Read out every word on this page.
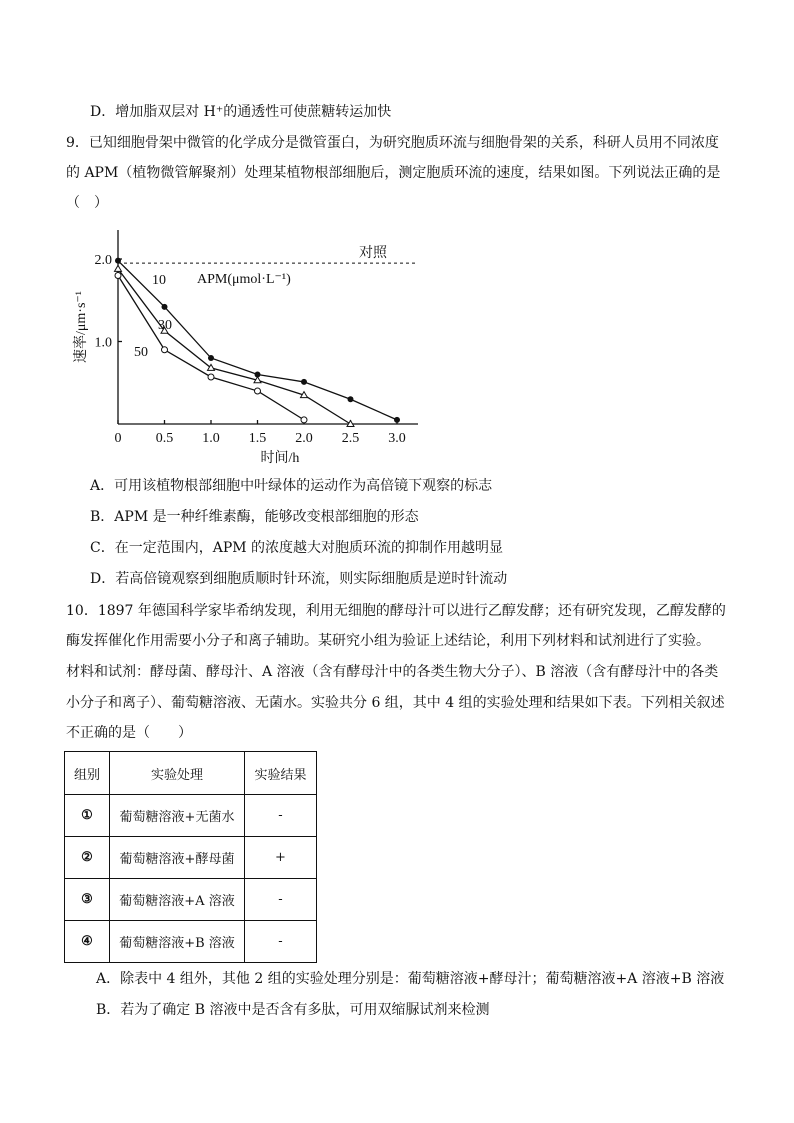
D．增加脂双层对 H⁺的通透性可使蔗糖转运加快
9．已知细胞骨架中微管的化学成分是微管蛋白，为研究胞质环流与细胞骨架的关系，科研人员用不同浓度
的 APM（植物微管解聚剂）处理某植物根部细胞后，测定胞质环流的速度，结果如图。下列说法正确的是
（　）
0 0.5 1.0 1.5 2.0 2.5 3.0
1.0
2.0
10
30
50
对照
APM(μmol·L⁻¹)
时间/h
速率/μm·s⁻¹
A．可用该植物根部细胞中叶绿体的运动作为高倍镜下观察的标志
B．APM 是一种纤维素酶，能够改变根部细胞的形态
C．在一定范围内，APM 的浓度越大对胞质环流的抑制作用越明显
D．若高倍镜观察到细胞质顺时针环流，则实际细胞质是逆时针流动
10．1897 年德国科学家毕希纳发现，利用无细胞的酵母汁可以进行乙醇发酵；还有研究发现，乙醇发酵的
酶发挥催化作用需要小分子和离子辅助。某研究小组为验证上述结论，利用下列材料和试剂进行了实验。
材料和试剂：酵母菌、酵母汁、A 溶液（含有酵母汁中的各类生物大分子）、B 溶液（含有酵母汁中的各类
小分子和离子）、葡萄糖溶液、无菌水。实验共分 6 组，其中 4 组的实验处理和结果如下表。下列相关叙述
不正确的是（　　）
组别	实验处理	实验结果
①	葡萄糖溶液+无菌水	-
②	葡萄糖溶液+酵母菌	+
③	葡萄糖溶液+A 溶液	-
④	葡萄糖溶液+B 溶液	-
A．除表中 4 组外，其他 2 组的实验处理分别是：葡萄糖溶液+酵母汁；葡萄糖溶液+A 溶液+B 溶液
B．若为了确定 B 溶液中是否含有多肽，可用双缩脲试剂来检测
